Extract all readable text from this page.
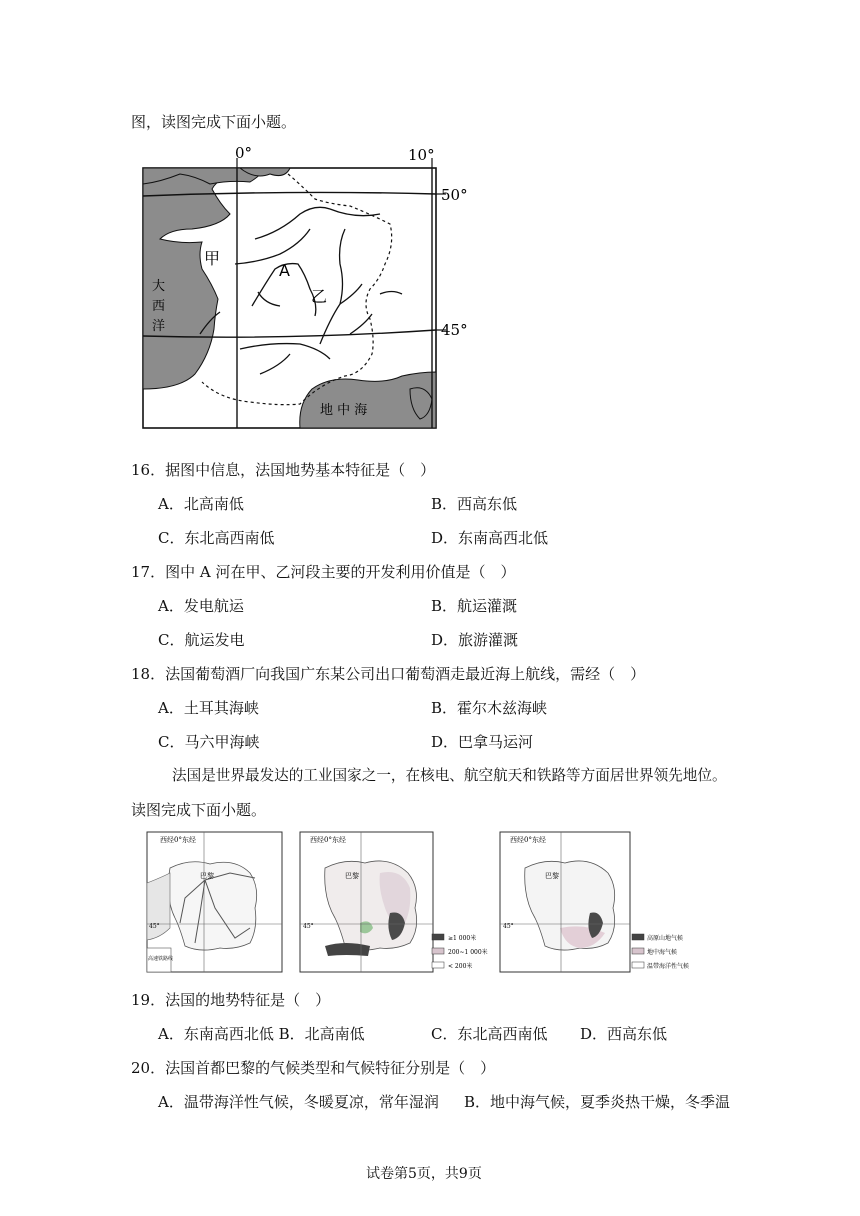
图，读图完成下面小题。
0°	10°
50°
45°
甲
A
乙
大
西
洋
地 中 海
16．据图中信息，法国地势基本特征是（　）
A．北高南低	B．西高东低
C．东北高西南低	D．东南高西北低
17．图中 A 河在甲、乙河段主要的开发利用价值是（　）
A．发电航运	B．航运灌溉
C．航运发电	D．旅游灌溉
18．法国葡萄酒厂向我国广东某公司出口葡萄酒走最近海上航线，需经（　）
A．土耳其海峡	B．霍尔木兹海峡
C．马六甲海峡	D．巴拿马运河
法国是世界最发达的工业国家之一，在核电、航空航天和铁路等方面居世界领先地位。
读图完成下面小题。
西经0°东经
巴黎
高速铁路线
45°
西经0°东经
巴黎
45°
≥1 000米
200~1 000米
< 200米
西经0°东经
巴黎
45°
高原山地气候
地中海气候
温带海洋性气候
19．法国的地势特征是（　）
A．东南高西北低 B．北高南低	C．东北高西南低 D．西高东低
20．法国首都巴黎的气候类型和气候特征分别是（　）
A．温带海洋性气候，冬暖夏凉，常年湿润 B．地中海气候，夏季炎热干燥，冬季温
试卷第5页，共9页
